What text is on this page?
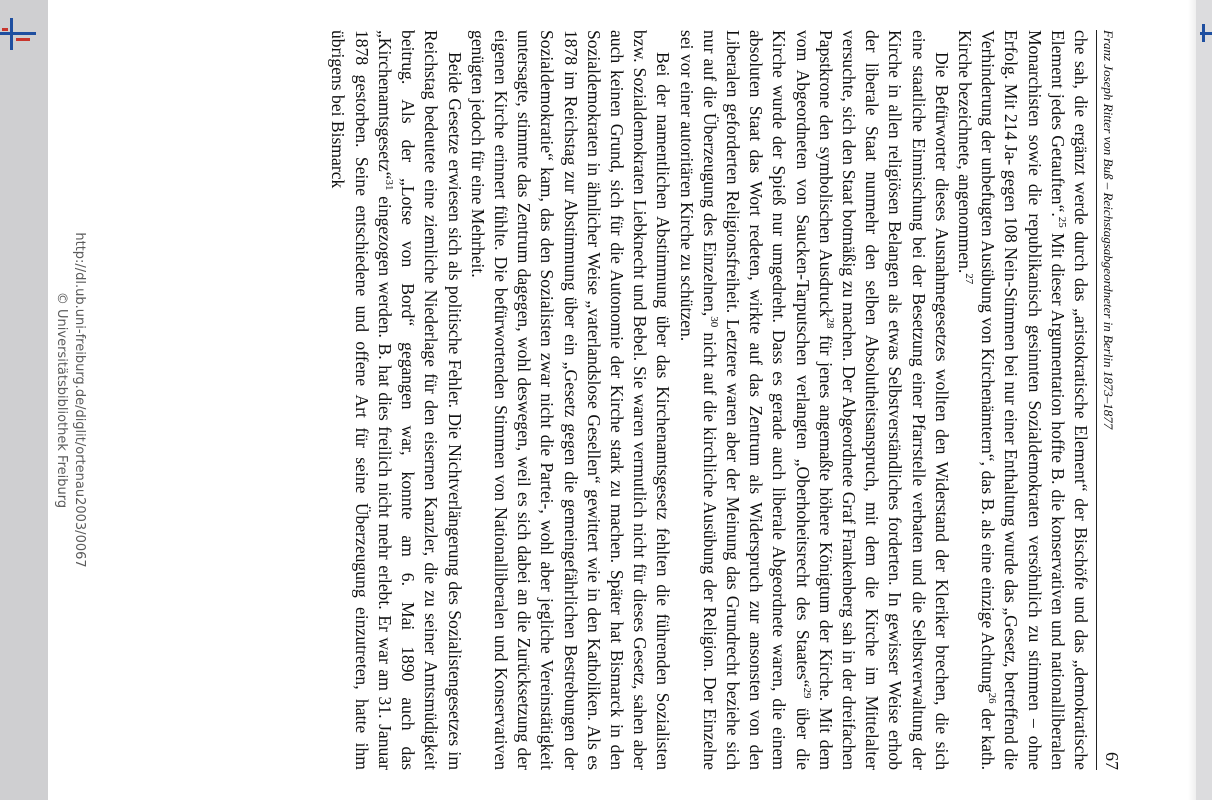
http://dl.ub.uni-freiburg.de/diglit/ortenau2003/0067
© Universitätsbibliothek Freiburg	Franz Joseph Ritter von Buß – Reichstagsabgeordneter in Berlin 1873–1877
67

che sah, die ergänzt werde durch das „aristokratische Element“ der Bischöfe und das „demokratische Element jedes Getauften“.$^{25}$ Mit dieser Argumentation hoffte B. die konservativen und nationalliberalen Monarchisten sowie die republikanisch gesinnten Sozialdemokraten versöhnlich zu stimmen – ohne Erfolg. Mit 214 Ja- gegen 108 Nein-Stimmen bei nur einer Enthaltung wurde das „Gesetz, betreffend die Verhinderung der unbefugten Ausübung von Kirchenämtern“, das B. als eine einzige Achtung$^{26}$ der kath. Kirche bezeichnete, angenommen.$^{27}$

Die Befürworter dieses Ausnahmegesetzes wollten den Widerstand der Kleriker brechen, die sich eine staatliche Einmischung bei der Besetzung einer Pfarrstelle verbaten und die Selbstverwaltung der Kirche in allen religiösen Belangen als etwas Selbstverständliches forderten. In gewisser Weise erhob der liberale Staat nunmehr den selben Absolutheitsanspruch, mit dem die Kirche im Mittelalter versuchte, sich den Staat botmäßig zu machen. Der Abgeordnete Graf Frankenberg sah in der dreifachen Papstkrone den symbolischen Ausdruck$^{28}$ für jenes angemaßte höhere Königtum der Kirche. Mit dem vom Abgeordneten von Saucken-Tarputschen verlangten „Oberhoheitsrecht des Staates“$^{29}$ über die Kirche wurde der Spieß nur umgedreht. Dass es gerade auch liberale Abgeordnete waren, die einem absoluten Staat das Wort redeten, wirkte auf das Zentrum als Widerspruch zur ansonsten von den Liberalen geforderten Religionsfreiheit. Letztere waren aber der Meinung das Grundrecht beziehe sich nur auf die Überzeugung des Einzelnen,$^{30}$ nicht auf die kirchliche Ausübung der Religion. Der Einzelne sei vor einer autoritären Kirche zu schützen.

Bei der namentlichen Abstimmung über das Kirchenamtsgesetz fehlten die führenden Sozialisten bzw. Sozialdemokraten Liebknecht und Bebel. Sie waren vermutlich nicht für dieses Gesetz, sahen aber auch keinen Grund, sich für die Autonomie der Kirche stark zu machen. Später hat Bismarck in den Sozialdemokraten in ähnlicher Weise „vaterlandslose Gesellen“ gewittert wie in den Katholiken. Als es 1878 im Reichstag zur Abstimmung über ein „Gesetz gegen die gemeingefährlichen Bestrebungen der Sozialdemokratie“ kam, das den Sozialisten zwar nicht die Partei-, wohl aber jegliche Vereinstätigkeit untersagte, stimmte das Zentrum dagegen, wohl deswegen, weil es sich dabei an die Zurücksetzung der eigenen Kirche erinnert fühlte. Die befürwortenden Stimmen von Nationalliberalen und Konservativen genügten jedoch für eine Mehrheit.

Beide Gesetze erwiesen sich als politische Fehler. Die Nichtverlängerung des Sozialistengesetzes im Reichstag bedeutete eine ziemliche Niederlage für den eisernen Kanzler, die zu seiner Amtsmüdigkeit beitrug. Als der „Lotse von Bord“ gegangen war, konnte am 6. Mai 1890 auch das „Kirchenamtsgesetz“$^{31}$ eingezogen werden. B. hat dies freilich nicht mehr erlebt. Er war am 31. Januar 1878 gestorben. Seine entschiedene und offene Art für seine Überzeugung einzutreten, hatte ihm übrigens bei Bismarck
